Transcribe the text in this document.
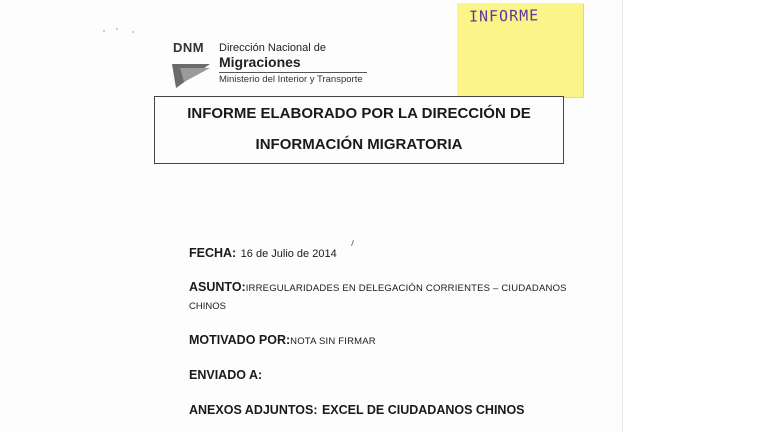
DNM Dirección Nacional de
Migraciones
Ministerio del Interior y Transporte
INFORME
INFORME ELABORADO POR LA DIRECCIÓN DE
INFORMACIÓN MIGRATORIA
FECHA: 16 de Julio de 2014
ASUNTO:IRREGULARIDADES EN DELEGACIÓN CORRIENTES – CIUDADANOS
CHINOS
MOTIVADO POR:NOTA SIN FIRMAR
ENVIADO A:
ANEXOS ADJUNTOS: EXCEL DE CIUDADANOS CHINOS
